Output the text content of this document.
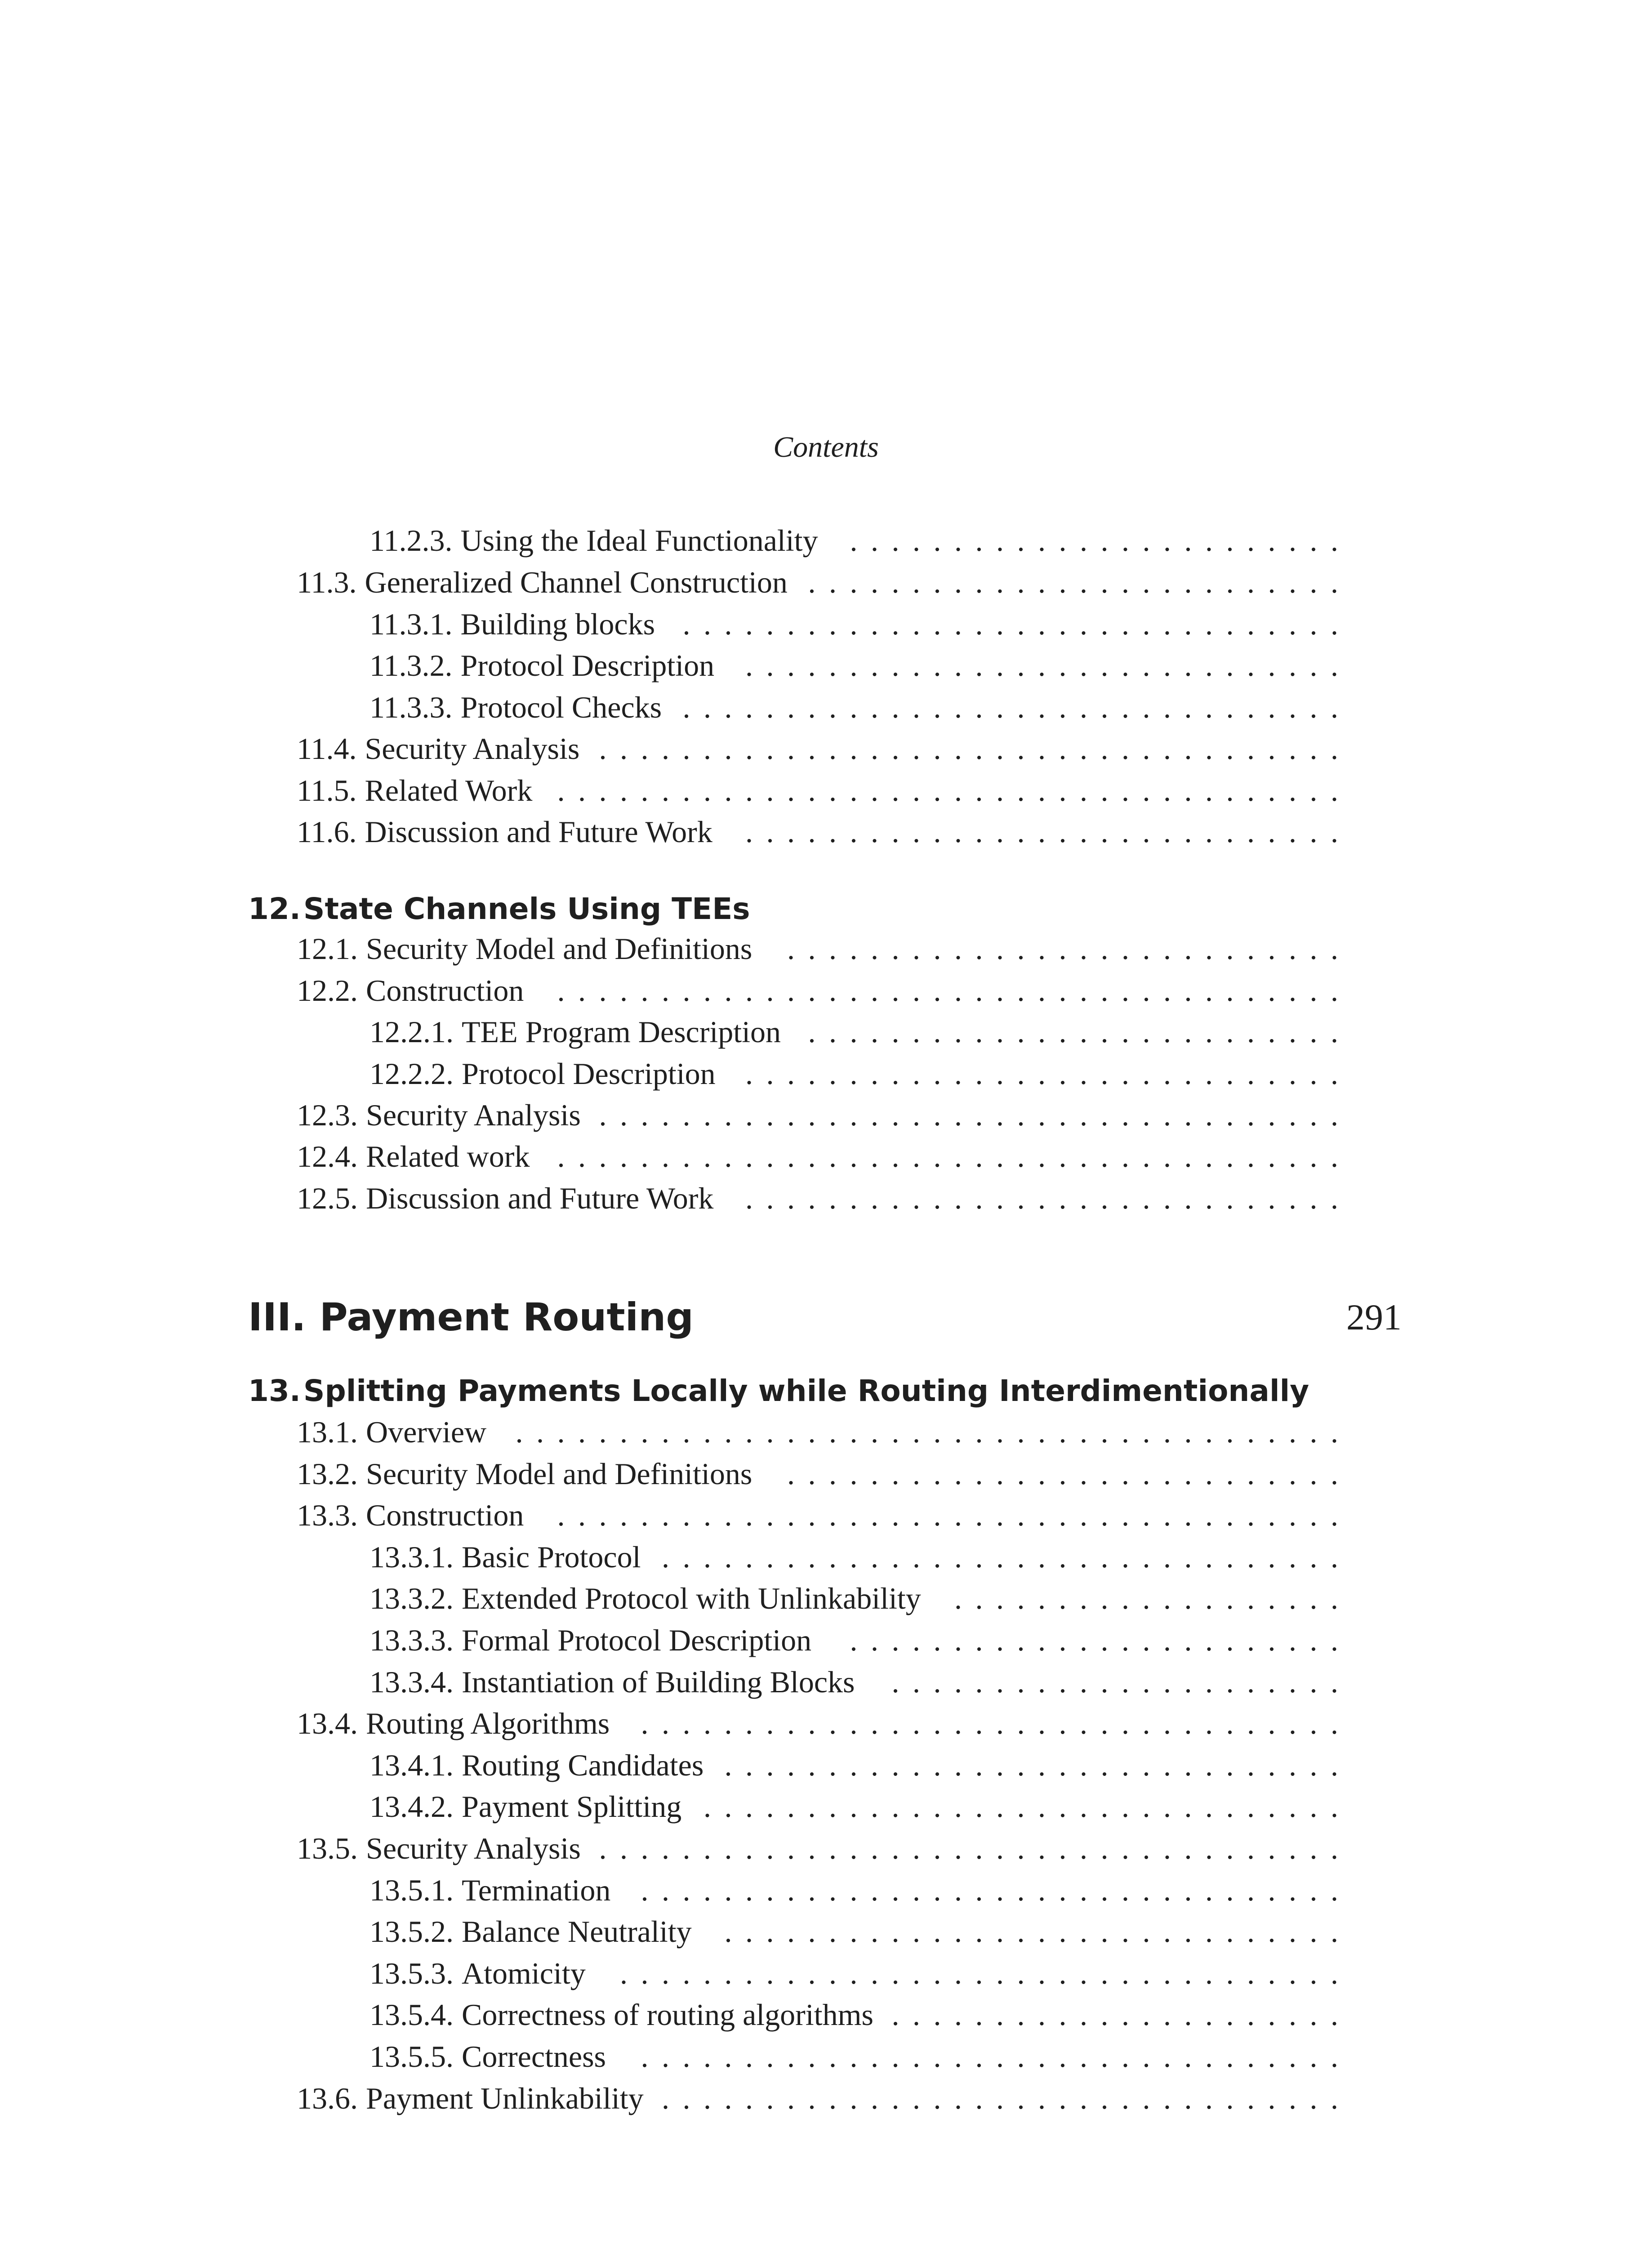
Contents
11.2.3. Using the Ideal Functionality . . . . . . . . . . . . . . . . . . . . . . . .
11.3. Generalized Channel Construction . . . . . . . . . . . . . . . . . . . . . . . . . .
11.3.1. Building blocks . . . . . . . . . . . . . . . . . . . . . . . . . . . . . . . .
11.3.2. Protocol Description . . . . . . . . . . . . . . . . . . . . . . . . . . . . .
11.3.3. Protocol Checks . . . . . . . . . . . . . . . . . . . . . . . . . . . . . . . .
11.4. Security Analysis . . . . . . . . . . . . . . . . . . . . . . . . . . . . . . . . . . . .
11.5. Related Work . . . . . . . . . . . . . . . . . . . . . . . . . . . . . . . . . . . . . .
11.6. Discussion and Future Work . . . . . . . . . . . . . . . . . . . . . . . . . . . . .
12.State Channels Using TEEs
12.1. Security Model and Definitions . . . . . . . . . . . . . . . . . . . . . . . . . . .
12.2. Construction . . . . . . . . . . . . . . . . . . . . . . . . . . . . . . . . . . . . . .
12.2.1. TEE Program Description . . . . . . . . . . . . . . . . . . . . . . . . . .
12.2.2. Protocol Description . . . . . . . . . . . . . . . . . . . . . . . . . . . . .
12.3. Security Analysis . . . . . . . . . . . . . . . . . . . . . . . . . . . . . . . . . . . .
12.4. Related work . . . . . . . . . . . . . . . . . . . . . . . . . . . . . . . . . . . . . .
12.5. Discussion and Future Work . . . . . . . . . . . . . . . . . . . . . . . . . . . . .
III. Payment Routing	291
13.Splitting Payments Locally while Routing Interdimentionally
13.1. Overview . . . . . . . . . . . . . . . . . . . . . . . . . . . . . . . . . . . . . . . .
13.2. Security Model and Definitions . . . . . . . . . . . . . . . . . . . . . . . . . . .
13.3. Construction . . . . . . . . . . . . . . . . . . . . . . . . . . . . . . . . . . . . . .
13.3.1. Basic Protocol . . . . . . . . . . . . . . . . . . . . . . . . . . . . . . . . .
13.3.2. Extended Protocol with Unlinkability . . . . . . . . . . . . . . . . . . .
13.3.3. Formal Protocol Description . . . . . . . . . . . . . . . . . . . . . . . .
13.3.4. Instantiation of Building Blocks . . . . . . . . . . . . . . . . . . . . . .
13.4. Routing Algorithms . . . . . . . . . . . . . . . . . . . . . . . . . . . . . . . . . .
13.4.1. Routing Candidates . . . . . . . . . . . . . . . . . . . . . . . . . . . . . .
13.4.2. Payment Splitting . . . . . . . . . . . . . . . . . . . . . . . . . . . . . . .
13.5. Security Analysis . . . . . . . . . . . . . . . . . . . . . . . . . . . . . . . . . . . .
13.5.1. Termination . . . . . . . . . . . . . . . . . . . . . . . . . . . . . . . . . .
13.5.2. Balance Neutrality . . . . . . . . . . . . . . . . . . . . . . . . . . . . . .
13.5.3. Atomicity . . . . . . . . . . . . . . . . . . . . . . . . . . . . . . . . . . .
13.5.4. Correctness of routing algorithms . . . . . . . . . . . . . . . . . . . . . .
13.5.5. Correctness . . . . . . . . . . . . . . . . . . . . . . . . . . . . . . . . . .
13.6. Payment Unlinkability . . . . . . . . . . . . . . . . . . . . . . . . . . . . . . . . .
